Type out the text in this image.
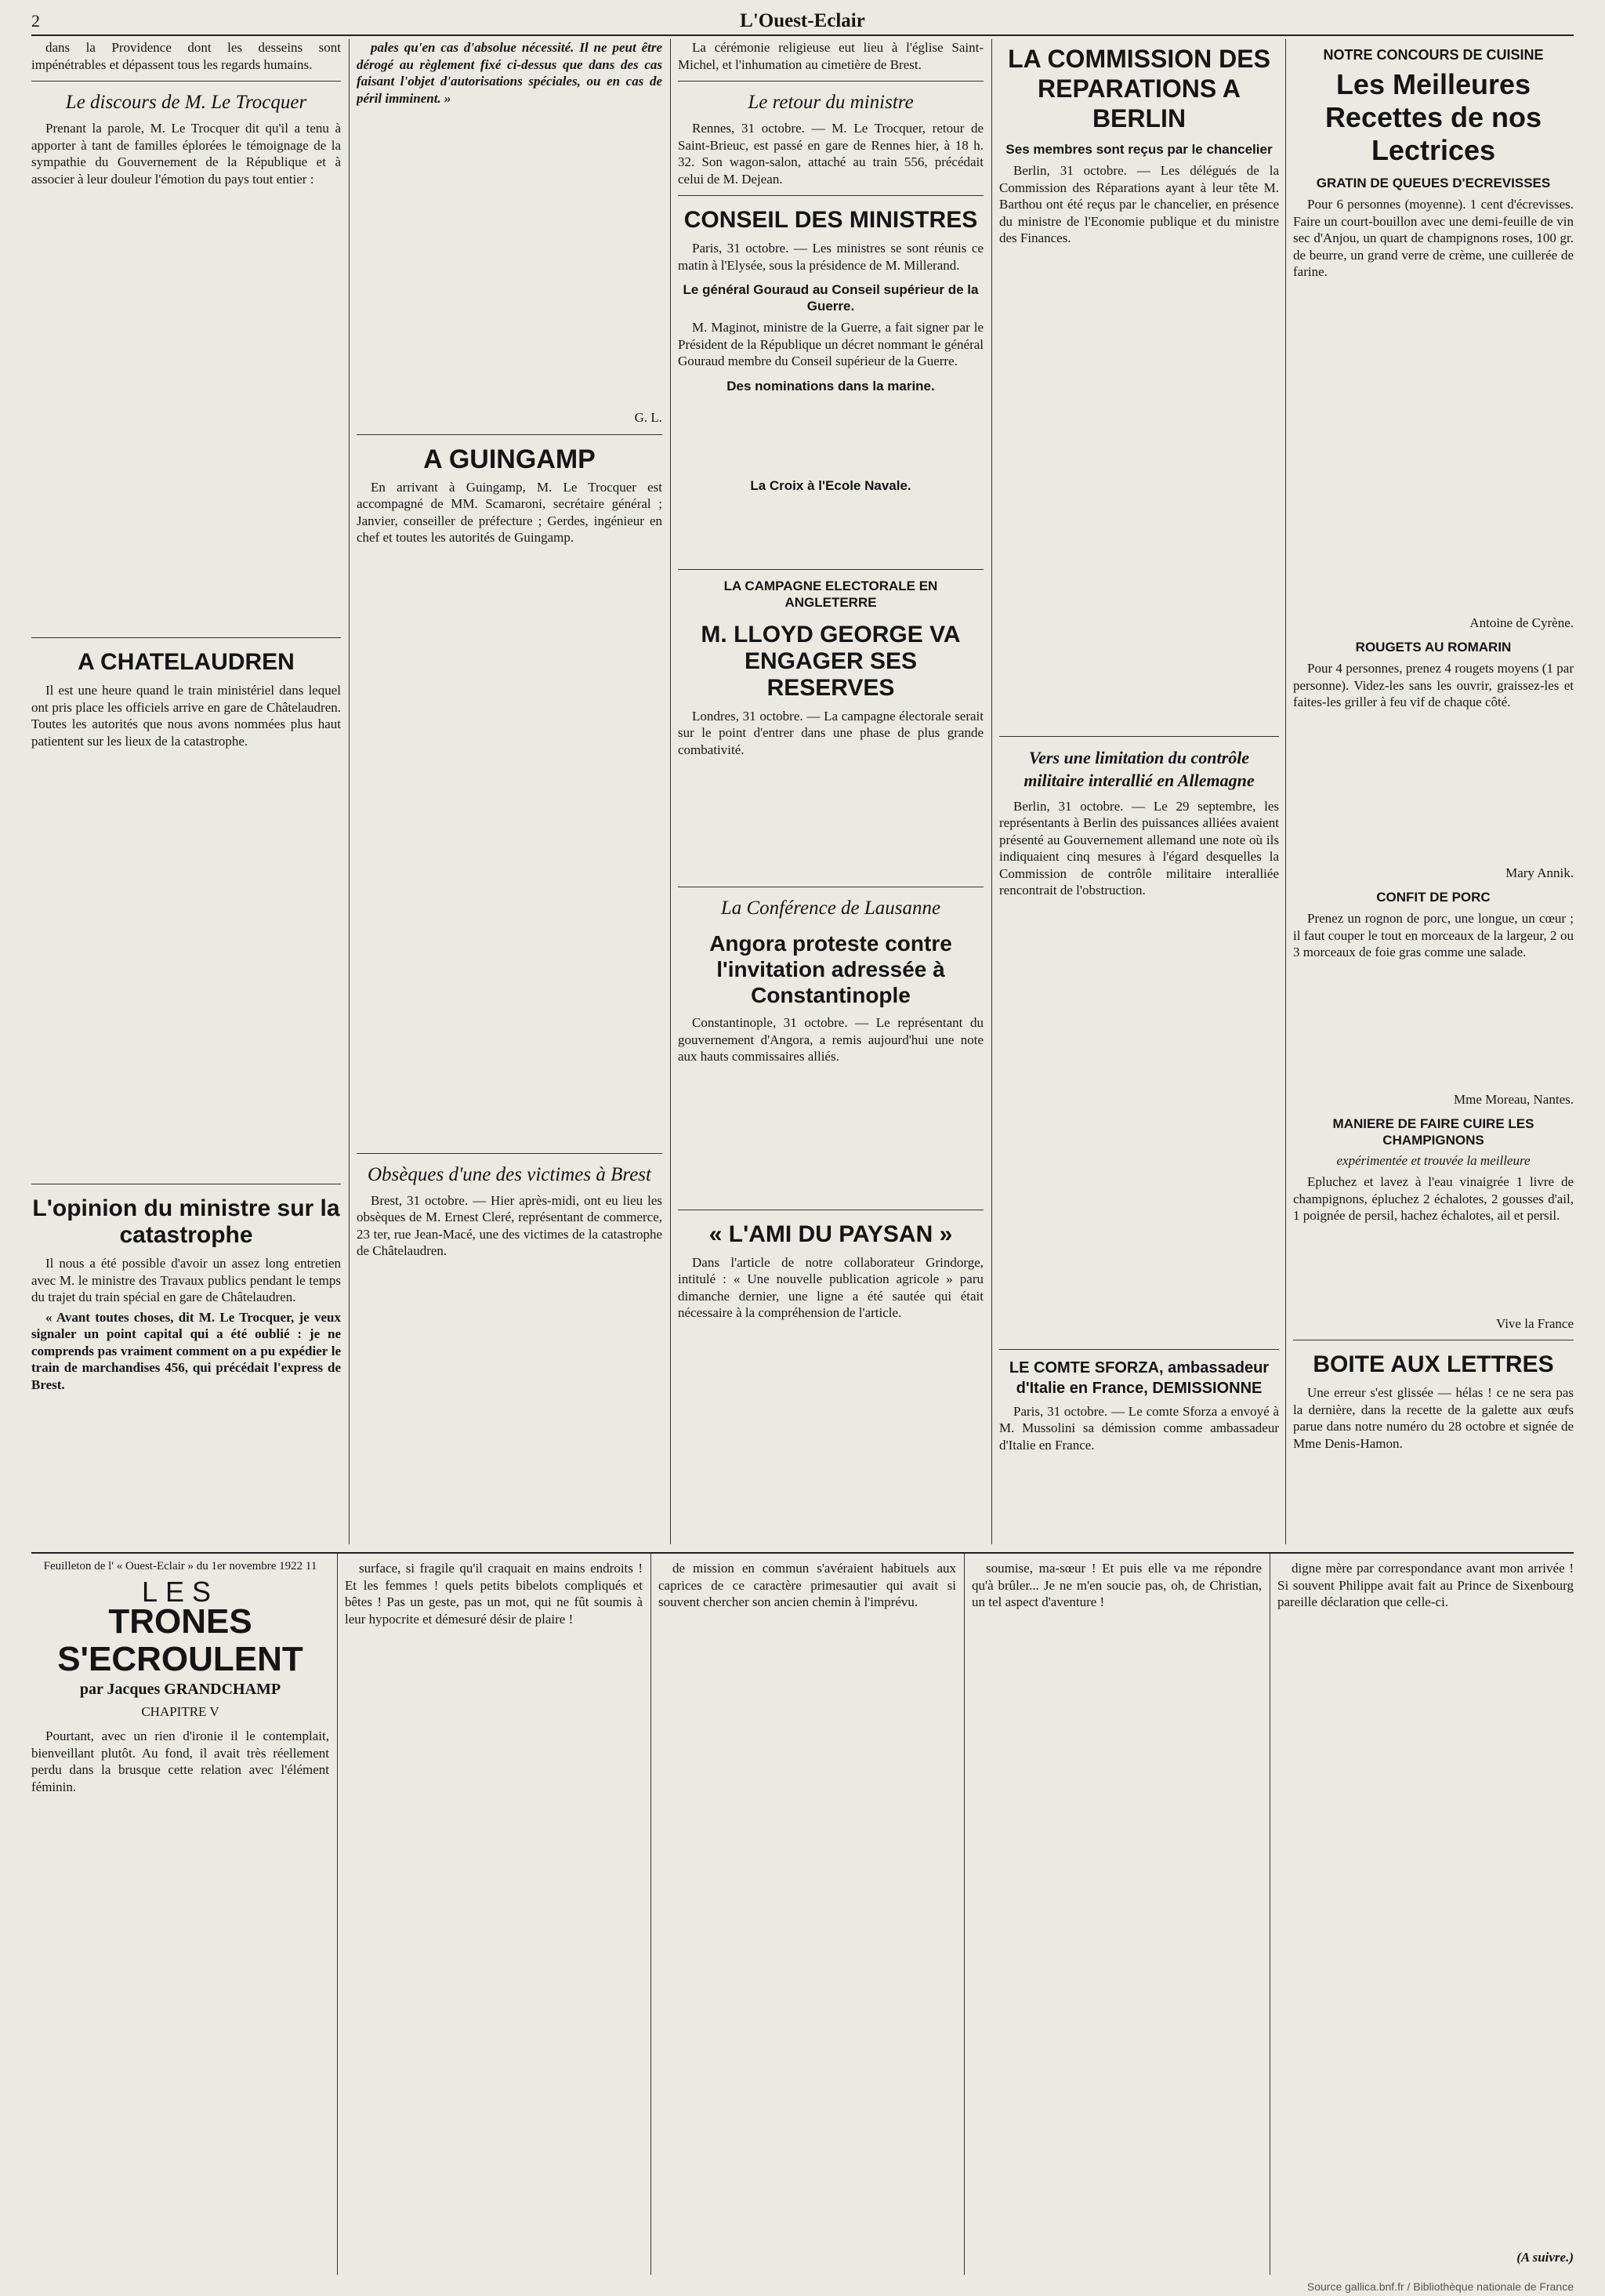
2	L'Ouest-Eclair

dans la Providence dont les desseins sont impénétrables et dépassent tous les regards humains.

Le discours de M. Le Trocquer

Prenant la parole, M. Le Trocquer dit qu'il a tenu à apporter à tant de familles éplorées le témoignage de la sympathie du Gouvernement de la République et à associer à leur douleur l'émotion du pays tout entier :

A CHATELAUDREN

Il est une heure quand le train ministériel dans lequel ont pris place les officiels arrive en gare de Châtelaudren. Toutes les autorités que nous avons nommées plus haut patientent sur les lieux de la catastrophe.

L'opinion du ministre sur la catastrophe

Il nous a été possible d'avoir un assez long entretien avec M. le ministre des Travaux publics pendant le temps du trajet du train spécial en gare de Châtelaudren.

« Avant toutes choses, dit M. Le Trocquer, je veux signaler un point capital qui a été oublié : je ne comprends pas vraiment comment on a pu expédier le train de marchandises 456, qui précédait l'express de Brest.

pales qu'en cas d'absolue nécessité. Il ne peut être dérogé au règlement fixé ci-dessus que dans des cas faisant l'objet d'autorisations spéciales, ou en cas de péril imminent. »

G. L.
A GUINGAMP

En arrivant à Guingamp, M. Le Trocquer est accompagné de MM. Scamaroni, secrétaire général ; Janvier, conseiller de préfecture ; Gerdes, ingénieur en chef et toutes les autorités de Guingamp.

Obsèques d'une des victimes à Brest

Brest, 31 octobre. — Hier après-midi, ont eu lieu les obsèques de M. Ernest Cleré, représentant de commerce, 23 ter, rue Jean-Macé, une des victimes de la catastrophe de Châtelaudren.

La cérémonie religieuse eut lieu à l'église Saint-Michel, et l'inhumation au cimetière de Brest.

Le retour du ministre

Rennes, 31 octobre. — M. Le Trocquer, retour de Saint-Brieuc, est passé en gare de Rennes hier, à 18 h. 32. Son wagon-salon, attaché au train 556, précédait celui de M. Dejean.

CONSEIL DES MINISTRES

Paris, 31 octobre. — Les ministres se sont réunis ce matin à l'Elysée, sous la présidence de M. Millerand.

Le général Gouraud au Conseil supérieur de la Guerre.

M. Maginot, ministre de la Guerre, a fait signer par le Président de la République un décret nommant le général Gouraud membre du Conseil supérieur de la Guerre.

Des nominations dans la marine.
La Croix à l'Ecole Navale.
LA CAMPAGNE ELECTORALE EN ANGLETERRE
M. LLOYD GEORGE VA ENGAGER SES RESERVES

Londres, 31 octobre. — La campagne électorale serait sur le point d'entrer dans une phase de plus grande combativité.

La Conférence de Lausanne
Angora proteste contre l'invitation adressée à Constantinople

Constantinople, 31 octobre. — Le représentant du gouvernement d'Angora, a remis aujourd'hui une note aux hauts commissaires alliés.

« L'AMI DU PAYSAN »

Dans l'article de notre collaborateur Grindorge, intitulé : « Une nouvelle publication agricole » paru dimanche dernier, une ligne a été sautée qui était nécessaire à la compréhension de l'article.

LA COMMISSION DES REPARATIONS A BERLIN
Ses membres sont reçus par le chancelier

Berlin, 31 octobre. — Les délégués de la Commission des Réparations ayant à leur tête M. Barthou ont été reçus par le chancelier, en présence du ministre de l'Economie publique et du ministre des Finances.

Vers une limitation du contrôle militaire interallié en Allemagne

Berlin, 31 octobre. — Le 29 septembre, les représentants à Berlin des puissances alliées avaient présenté au Gouvernement allemand une note où ils indiquaient cinq mesures à l'égard desquelles la Commission de contrôle militaire interalliée rencontrait de l'obstruction.

LE COMTE SFORZA, ambassadeur d'Italie en France, DEMISSIONNE

Paris, 31 octobre. — Le comte Sforza a envoyé à M. Mussolini sa démission comme ambassadeur d'Italie en France.

NOTRE CONCOURS DE CUISINE
Les Meilleures Recettes de nos Lectrices
GRATIN DE QUEUES D'ECREVISSES

Pour 6 personnes (moyenne). 1 cent d'écrevisses. Faire un court-bouillon avec une demi-feuille de vin sec d'Anjou, un quart de champignons roses, 100 gr. de beurre, un grand verre de crème, une cuillerée de farine.

Antoine de Cyrène.
ROUGETS AU ROMARIN

Pour 4 personnes, prenez 4 rougets moyens (1 par personne). Videz-les sans les ouvrir, graissez-les et faites-les griller à feu vif de chaque côté.

Mary Annik.
CONFIT DE PORC

Prenez un rognon de porc, une longue, un cœur ; il faut couper le tout en morceaux de la largeur, 2 ou 3 morceaux de foie gras comme une salade.

Mme Moreau, Nantes.
MANIERE DE FAIRE CUIRE LES CHAMPIGNONS
expérimentée et trouvée la meilleure

Epluchez et lavez à l'eau vinaigrée 1 livre de champignons, épluchez 2 échalotes, 2 gousses d'ail, 1 poignée de persil, hachez échalotes, ail et persil.

Vive la France
BOITE AUX LETTRES

Une erreur s'est glissée — hélas ! ce ne sera pas la dernière, dans la recette de la galette aux œufs parue dans notre numéro du 28 octobre et signée de Mme Denis-Hamon.

Feuilleton de l' « Ouest-Eclair » du 1er novembre 1922 11
LES
TRONES S'ECROULENT
par Jacques GRANDCHAMP
CHAPITRE V

Pourtant, avec un rien d'ironie il le contemplait, bienveillant plutôt. Au fond, il avait très réellement perdu dans la brusque cette relation avec l'élément féminin.

surface, si fragile qu'il craquait en mains endroits ! Et les femmes ! quels petits bibelots compliqués et bêtes ! Pas un geste, pas un mot, qui ne fût soumis à leur hypocrite et démesuré désir de plaire !

de mission en commun s'avéraient habituels aux caprices de ce caractère primesautier qui avait si souvent chercher son ancien chemin à l'imprévu.

soumise, ma-sœur ! Et puis elle va me répondre qu'à brûler... Je ne m'en soucie pas, oh, de Christian, un tel aspect d'aventure !

digne mère par correspondance avant mon arrivée ! Si souvent Philippe avait fait au Prince de Sixenbourg pareille déclaration que celle-ci.

(A suivre.)
Source gallica.bnf.fr / Bibliothèque nationale de France
